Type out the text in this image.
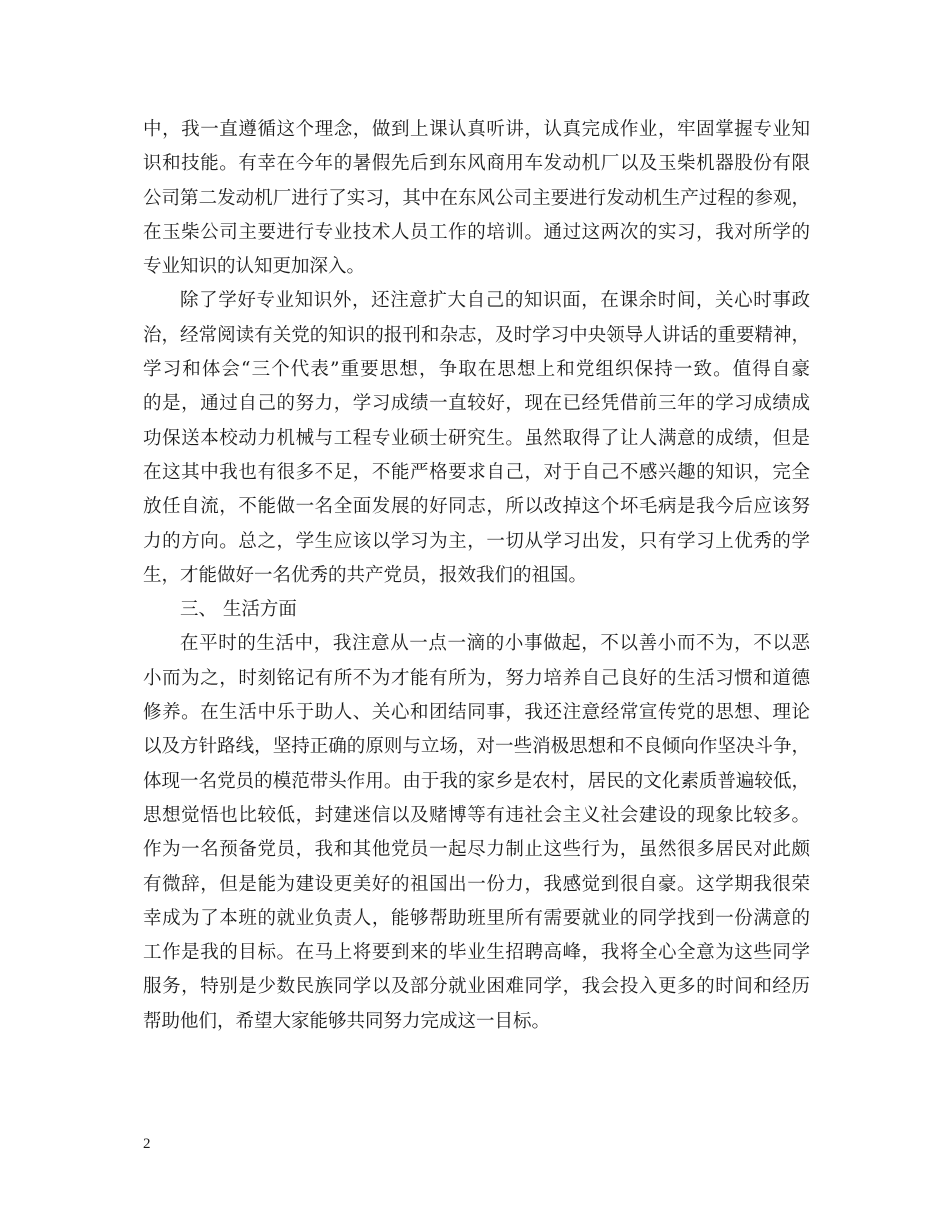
中，我一直遵循这个理念，做到上课认真听讲，认真完成作业，牢固掌握专业知
识和技能。有幸在今年的暑假先后到东风商用车发动机厂以及玉柴机器股份有限
公司第二发动机厂进行了实习，其中在东风公司主要进行发动机生产过程的参观，
在玉柴公司主要进行专业技术人员工作的培训。通过这两次的实习，我对所学的
专业知识的认知更加深入。
除了学好专业知识外，还注意扩大自己的知识面，在课余时间，关心时事政
治，经常阅读有关党的知识的报刊和杂志，及时学习中央领导人讲话的重要精神，
学习和体会“三个代表”重要思想，争取在思想上和党组织保持一致。值得自豪
的是，通过自己的努力，学习成绩一直较好，现在已经凭借前三年的学习成绩成
功保送本校动力机械与工程专业硕士研究生。虽然取得了让人满意的成绩，但是
在这其中我也有很多不足，不能严格要求自己，对于自己不感兴趣的知识，完全
放任自流，不能做一名全面发展的好同志，所以改掉这个坏毛病是我今后应该努
力的方向。总之，学生应该以学习为主，一切从学习出发，只有学习上优秀的学
生，才能做好一名优秀的共产党员，报效我们的祖国。
三、 生活方面
在平时的生活中，我注意从一点一滴的小事做起，不以善小而不为，不以恶
小而为之，时刻铭记有所不为才能有所为，努力培养自己良好的生活习惯和道德
修养。在生活中乐于助人、关心和团结同事，我还注意经常宣传党的思想、理论
以及方针路线，坚持正确的原则与立场，对一些消极思想和不良倾向作坚决斗争，
体现一名党员的模范带头作用。由于我的家乡是农村，居民的文化素质普遍较低，
思想觉悟也比较低，封建迷信以及赌博等有违社会主义社会建设的现象比较多。
作为一名预备党员，我和其他党员一起尽力制止这些行为，虽然很多居民对此颇
有微辞，但是能为建设更美好的祖国出一份力，我感觉到很自豪。这学期我很荣
幸成为了本班的就业负责人，能够帮助班里所有需要就业的同学找到一份满意的
工作是我的目标。在马上将要到来的毕业生招聘高峰，我将全心全意为这些同学
服务，特别是少数民族同学以及部分就业困难同学，我会投入更多的时间和经历
帮助他们，希望大家能够共同努力完成这一目标。
2
